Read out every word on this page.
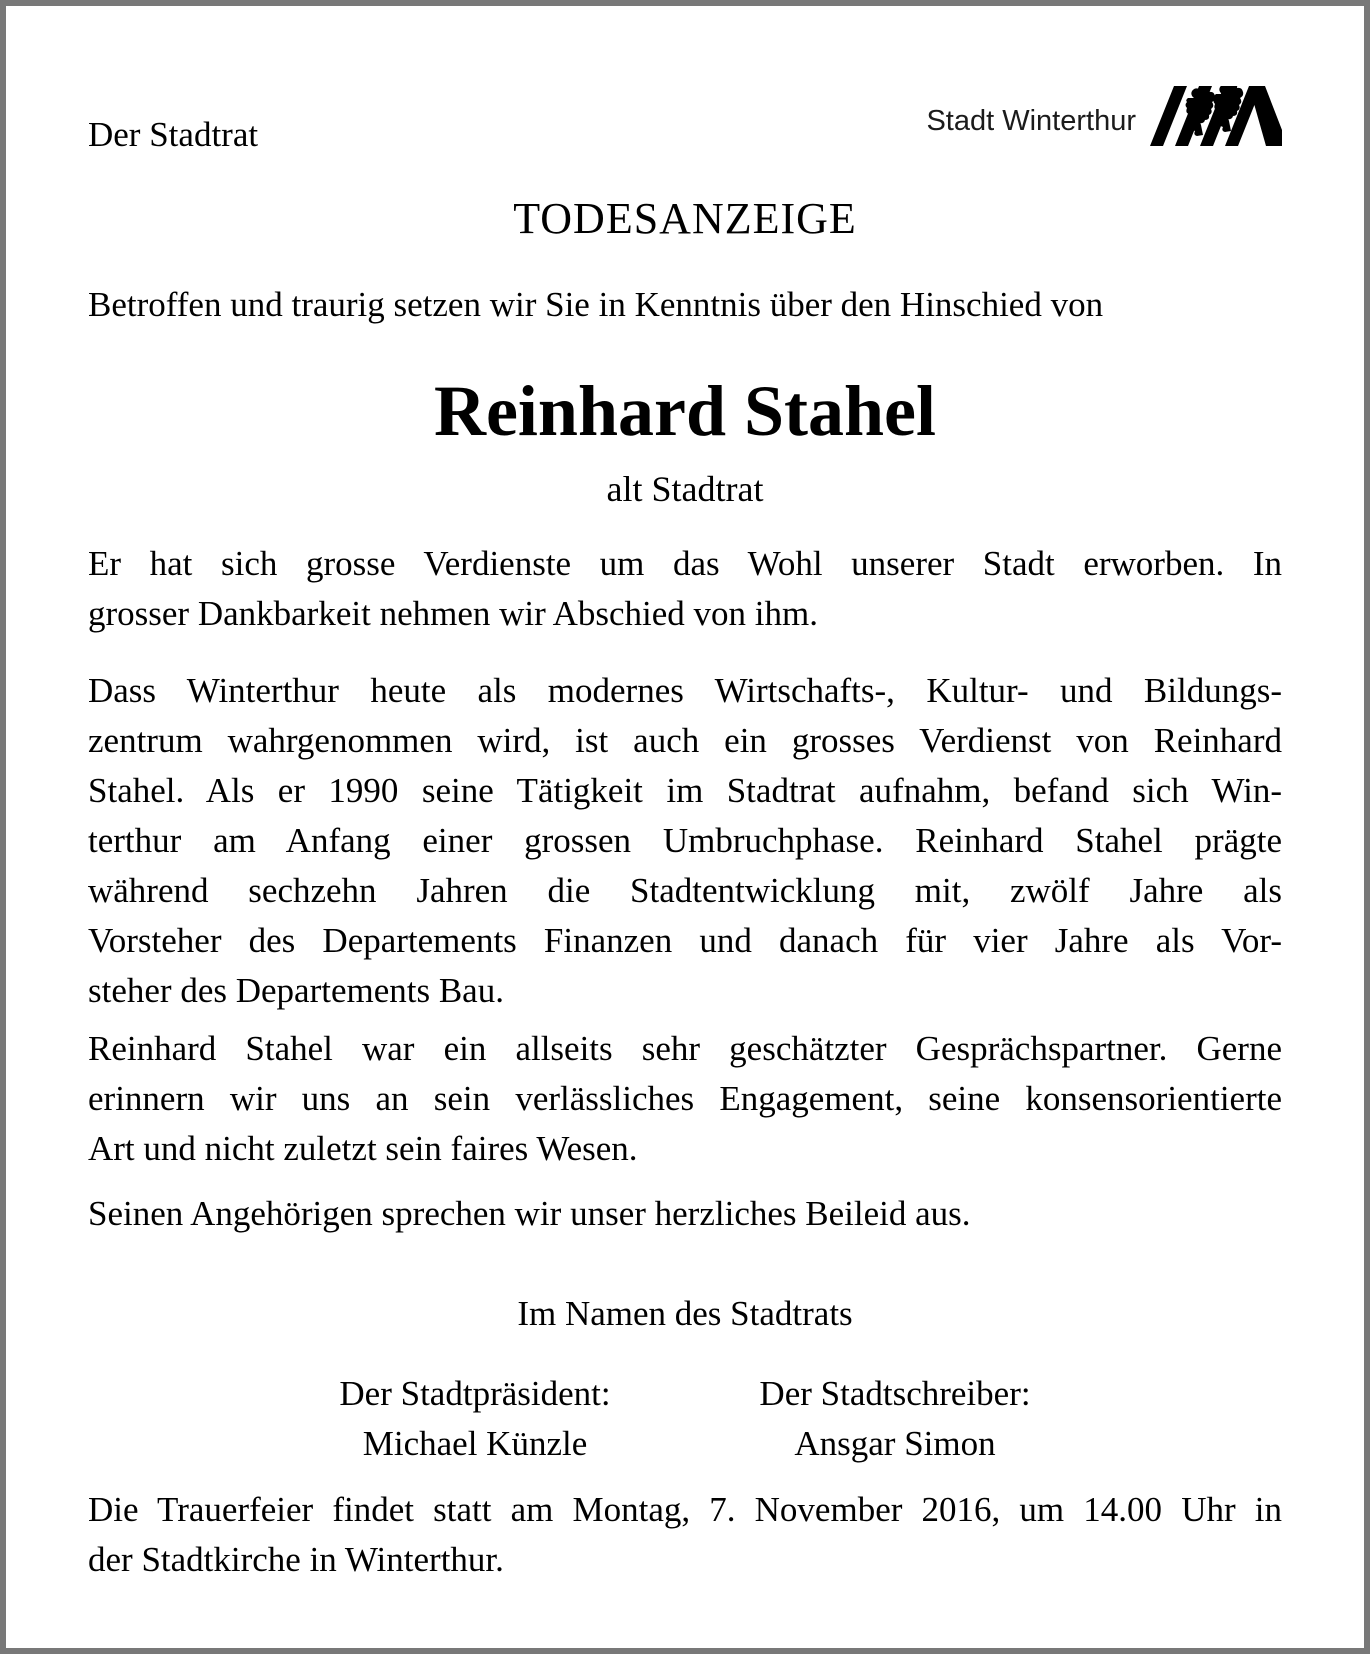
Der Stadtrat	Stadt Winterthur
TODESANZEIGE
Betroffen und traurig setzen wir Sie in Kenntnis über den Hinschied von
Reinhard Stahel
alt Stadtrat
Er hat sich grosse Verdienste um das Wohl unserer Stadt erworben. In
grosser Dankbarkeit nehmen wir Abschied von ihm.
Dass Winterthur heute als modernes Wirtschafts-, Kultur- und Bildungs-
zentrum wahrgenommen wird, ist auch ein grosses Verdienst von Reinhard
Stahel. Als er 1990 seine Tätigkeit im Stadtrat aufnahm, befand sich Win-
terthur am Anfang einer grossen Umbruchphase. Reinhard Stahel prägte
während sechzehn Jahren die Stadtentwicklung mit, zwölf Jahre als
Vorsteher des Departements Finanzen und danach für vier Jahre als Vor-
steher des Departements Bau.
Reinhard Stahel war ein allseits sehr geschätzter Gesprächspartner. Gerne
erinnern wir uns an sein verlässliches Engagement, seine konsensorientierte
Art und nicht zuletzt sein faires Wesen.
Seinen Angehörigen sprechen wir unser herzliches Beileid aus.
Im Namen des Stadtrats
Der Stadtpräsident:
Michael Künzle
Der Stadtschreiber:
Ansgar Simon
Die Trauerfeier findet statt am Montag, 7. November 2016, um 14.00 Uhr in
der Stadtkirche in Winterthur.
